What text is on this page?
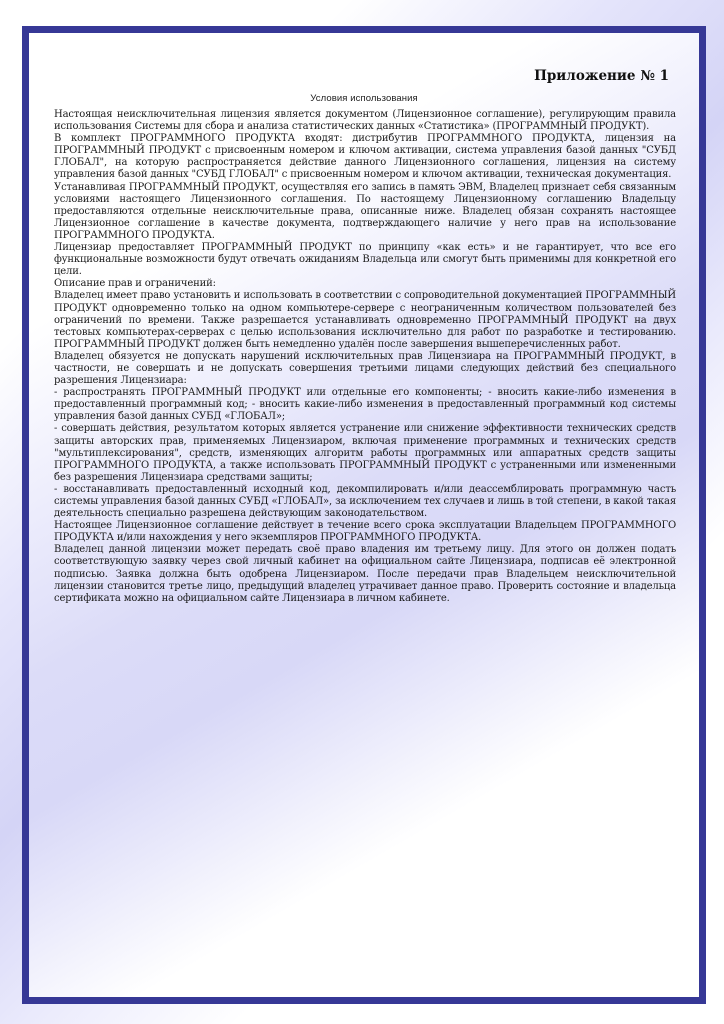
Приложение № 1
Условия использования

Настоящая неисключительная лицензия является документом (Лицензионное соглашение), регулирующим правила использования Системы для сбора и анализа статистических данных «Статистика» (ПРОГРАММНЫЙ ПРОДУКТ).

В комплект ПРОГРАММНОГО ПРОДУКТА входят: дистрибутив ПРОГРАММНОГО ПРОДУКТА, лицензия на ПРОГРАММНЫЙ ПРОДУКТ с присвоенным номером и ключом активации, система управления базой данных "СУБД ГЛОБАЛ", на которую распространяется действие данного Лицензионного соглашения, лицензия на систему управления базой данных "СУБД ГЛОБАЛ" с присвоенным номером и ключом активации, техническая документация.

Устанавливая ПРОГРАММНЫЙ ПРОДУКТ, осуществляя его запись в память ЭВМ, Владелец признает себя связанным условиями настоящего Лицензионного соглашения. По настоящему Лицензионному соглашению Владельцу предоставляются отдельные неисключительные права, описанные ниже. Владелец обязан сохранять настоящее Лицензионное соглашение в качестве документа, подтверждающего наличие у него прав на использование ПРОГРАММНОГО ПРОДУКТА.

Лицензиар предоставляет ПРОГРАММНЫЙ ПРОДУКТ по принципу «как есть» и не гарантирует, что все его функциональные возможности будут отвечать ожиданиям Владельца или смогут быть применимы для конкретной его цели.

Описание прав и ограничений:

Владелец имеет право установить и использовать в соответствии с сопроводительной документацией ПРОГРАММНЫЙ ПРОДУКТ одновременно только на одном компьютере-сервере с неограниченным количеством пользователей без ограничений по времени. Также разрешается устанавливать одновременно ПРОГРАММНЫЙ ПРОДУКТ на двух тестовых компьютерах-серверах с целью использования исключительно для работ по разработке и тестированию. ПРОГРАММНЫЙ ПРОДУКТ должен быть немедленно удалён после завершения вышеперечисленных работ.

Владелец обязуется не допускать нарушений исключительных прав Лицензиара на ПРОГРАММНЫЙ ПРОДУКТ, в частности, не совершать и не допускать совершения третьими лицами следующих действий без специального разрешения Лицензиара:

- распространять ПРОГРАММНЫЙ ПРОДУКТ или отдельные его компоненты; - вносить какие-либо изменения в предоставленный программный код; - вносить какие-либо изменения в предоставленный программный код системы управления базой данных СУБД «ГЛОБАЛ»;

- совершать действия, результатом которых является устранение или снижение эффективности технических средств защиты авторских прав, применяемых Лицензиаром, включая применение программных и технических средств "мультиплексирования", средств, изменяющих алгоритм работы программных или аппаратных средств защиты ПРОГРАММНОГО ПРОДУКТА, а также использовать ПРОГРАММНЫЙ ПРОДУКТ с устраненными или измененными без разрешения Лицензиара средствами защиты;

- восстанавливать предоставленный исходный код, декомпилировать и/или деассемблировать программную часть системы управления базой данных СУБД «ГЛОБАЛ», за исключением тех случаев и лишь в той степени, в какой такая деятельность специально разрешена действующим законодательством.

Настоящее Лицензионное соглашение действует в течение всего срока эксплуатации Владельцем ПРОГРАММНОГО ПРОДУКТА и/или нахождения у него экземпляров ПРОГРАММНОГО ПРОДУКТА.

Владелец данной лицензии может передать своё право владения им третьему лицу. Для этого он должен подать соответствующую заявку через свой личный кабинет на официальном сайте Лицензиара, подписав её электронной подписью. Заявка должна быть одобрена Лицензиаром. После передачи прав Владельцем неисключительной лицензии становится третье лицо, предыдущий владелец утрачивает данное право. Проверить состояние и владельца сертификата можно на официальном сайте Лицензиара в личном кабинете.
